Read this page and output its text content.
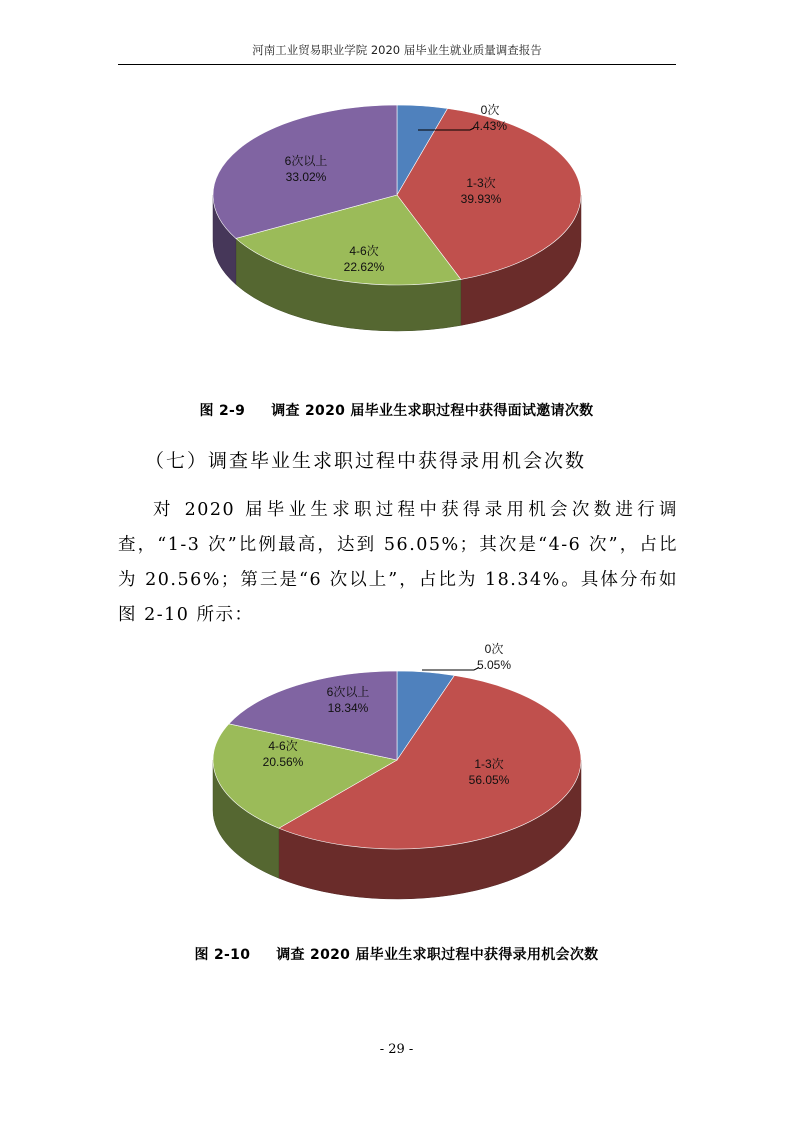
河南工业贸易职业学院 2020 届毕业生就业质量调查报告
0次
4.43%
1-3次
39.93%
4-6次
22.62%
6次以上
33.02%
图 2-9 调查 2020 届毕业生求职过程中获得面试邀请次数
（七）调查毕业生求职过程中获得录用机会次数
对 2020 届毕业生求职过程中获得录用机会次数进行调查，“1-3 次”比例最高，达到 56.05%；其次是“4-6 次”，占比为 20.56%；第三是“6 次以上”，占比为 18.34%。具体分布如图 2-10 所示：
0次
5.05%
1-3次
56.05%
4-6次
20.56%
6次以上
18.34%
图 2-10 调查 2020 届毕业生求职过程中获得录用机会次数
- 29 -
